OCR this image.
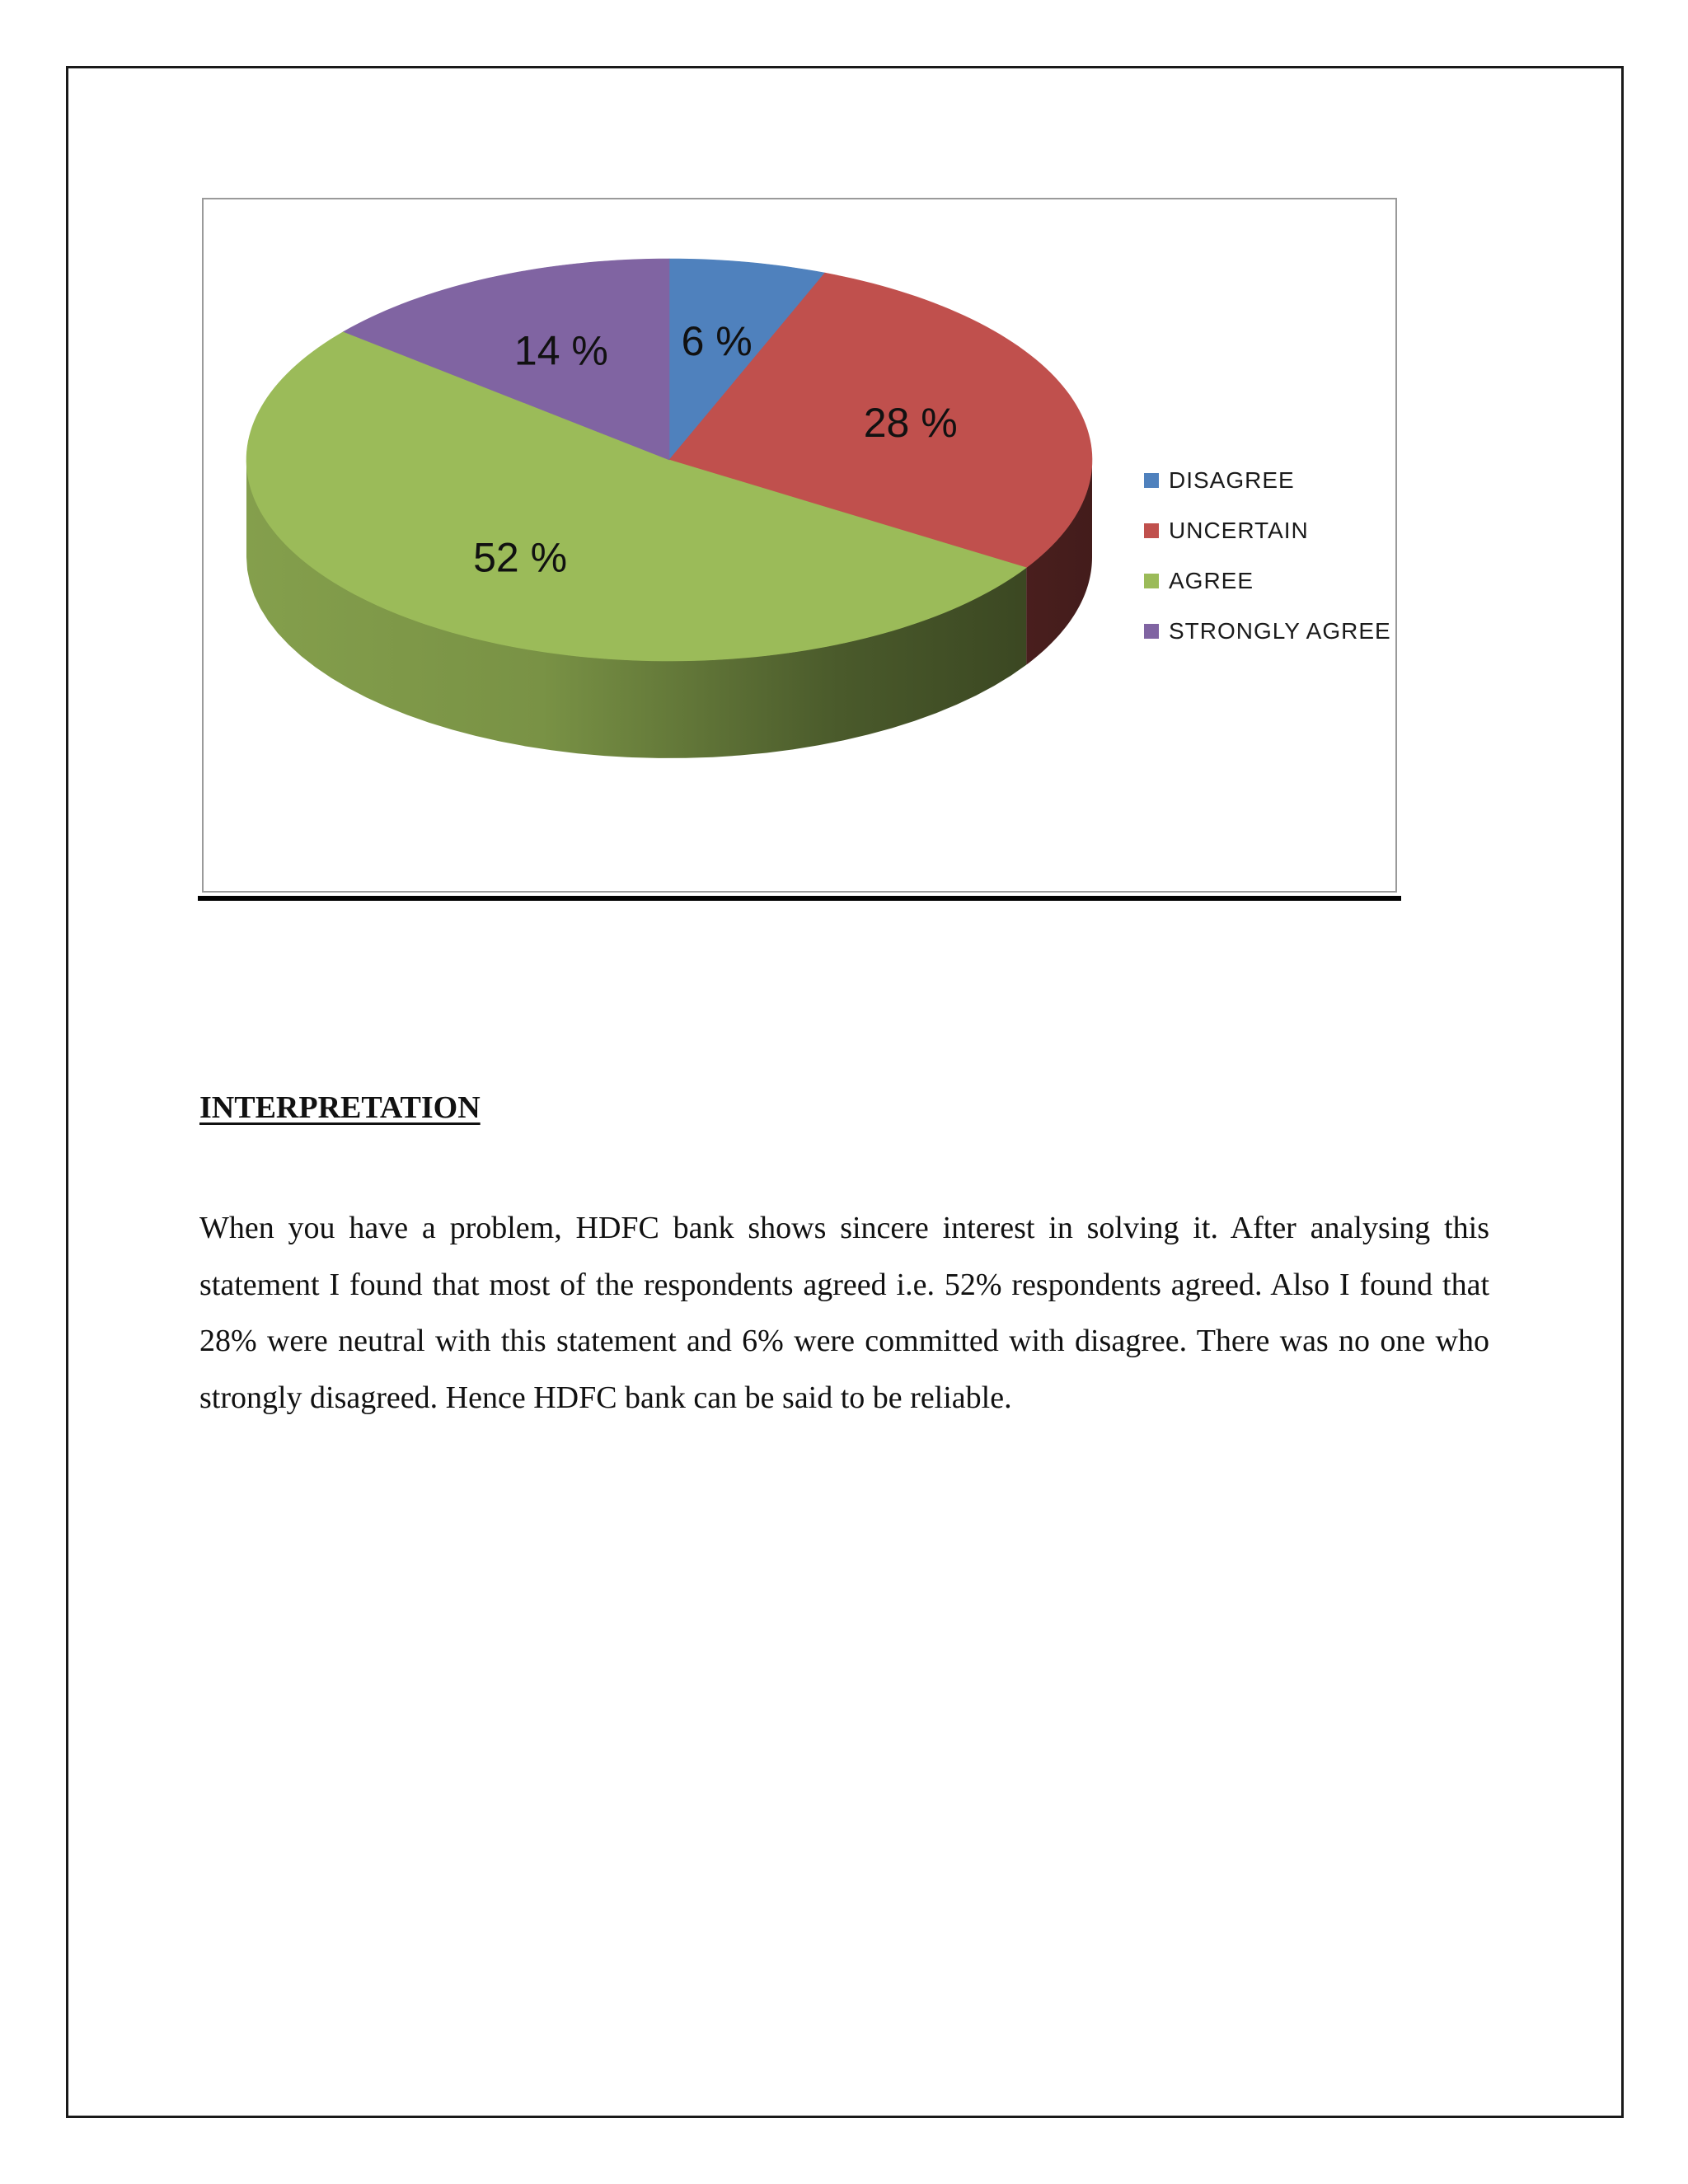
6 %
28 %
52 %
14 %
DISAGREE
UNCERTAIN
AGREE
STRONGLY AGREE
INTERPRETATION

When you have a problem, HDFC bank shows sincere interest in solving it. After analysing this statement I found that most of the respondents agreed i.e. 52% respondents agreed. Also I found that 28% were neutral with this statement and 6% were committed with disagree. There was no one who strongly disagreed. Hence HDFC bank can be said to be reliable.
